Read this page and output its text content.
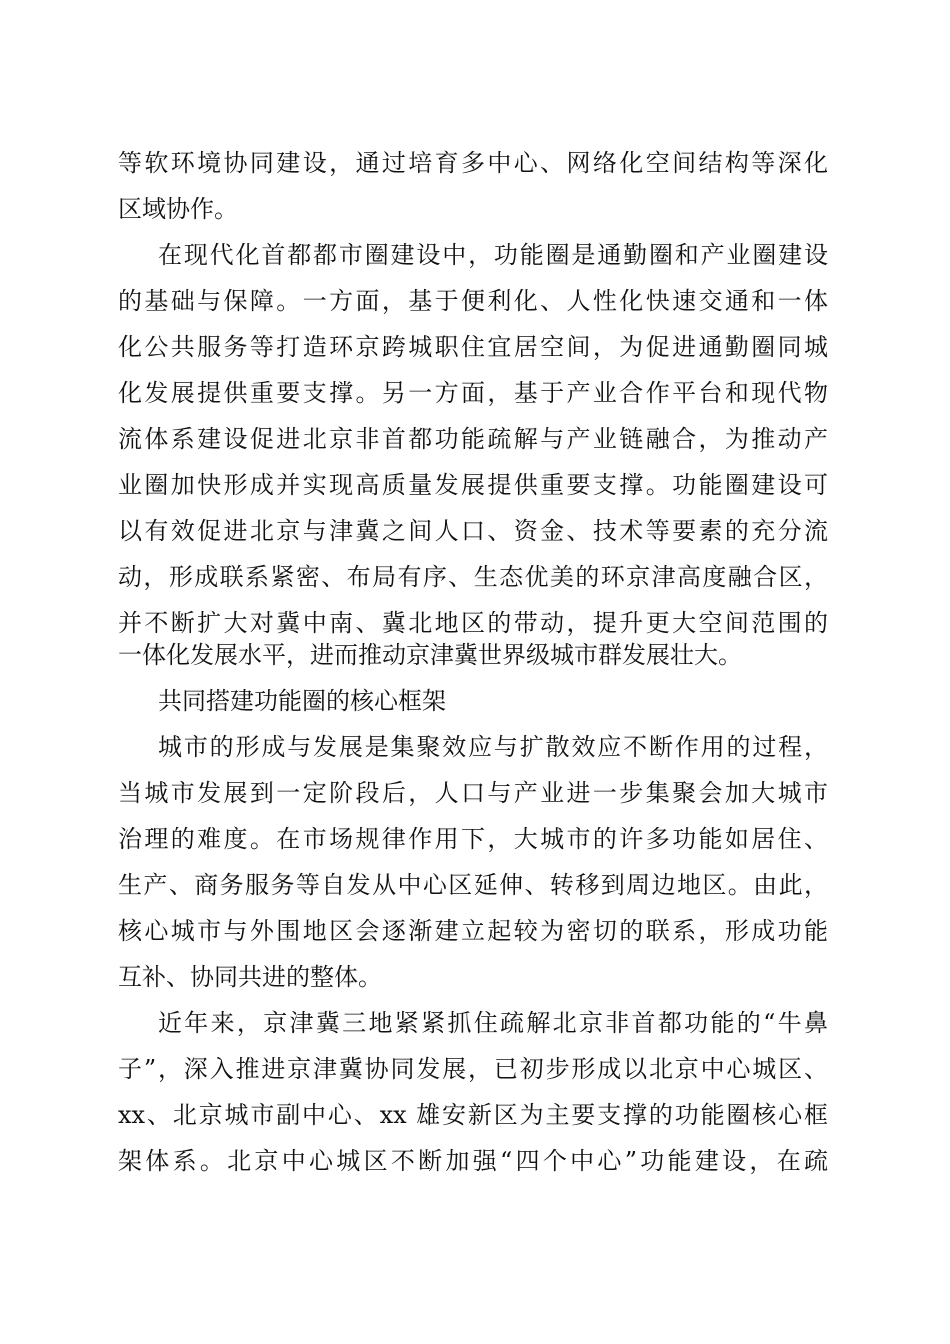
等软环境协同建设，通过培育多中心、网络化空间结构等深化

区域协作。

在现代化首都都市圈建设中，功能圈是通勤圈和产业圈建设

的基础与保障。一方面，基于便利化、人性化快速交通和一体

化公共服务等打造环京跨城职住宜居空间，为促进通勤圈同城

化发展提供重要支撑。另一方面，基于产业合作平台和现代物

流体系建设促进北京非首都功能疏解与产业链融合，为推动产

业圈加快形成并实现高质量发展提供重要支撑。功能圈建设可

以有效促进北京与津冀之间人口、资金、技术等要素的充分流

动，形成联系紧密、布局有序、生态优美的环京津高度融合区，

并不断扩大对冀中南、冀北地区的带动，提升更大空间范围的

一体化发展水平，进而推动京津冀世界级城市群发展壮大。

共同搭建功能圈的核心框架

城市的形成与发展是集聚效应与扩散效应不断作用的过程，

当城市发展到一定阶段后，人口与产业进一步集聚会加大城市

治理的难度。在市场规律作用下，大城市的许多功能如居住、

生产、商务服务等自发从中心区延伸、转移到周边地区。由此，

核心城市与外围地区会逐渐建立起较为密切的联系，形成功能

互补、协同共进的整体。

近年来，京津冀三地紧紧抓住疏解北京非首都功能的“牛鼻

子”，深入推进京津冀协同发展，已初步形成以北京中心城区、

xx、北京城市副中心、xx 雄安新区为主要支撑的功能圈核心框

架体系。北京中心城区不断加强“四个中心”功能建设，在疏
